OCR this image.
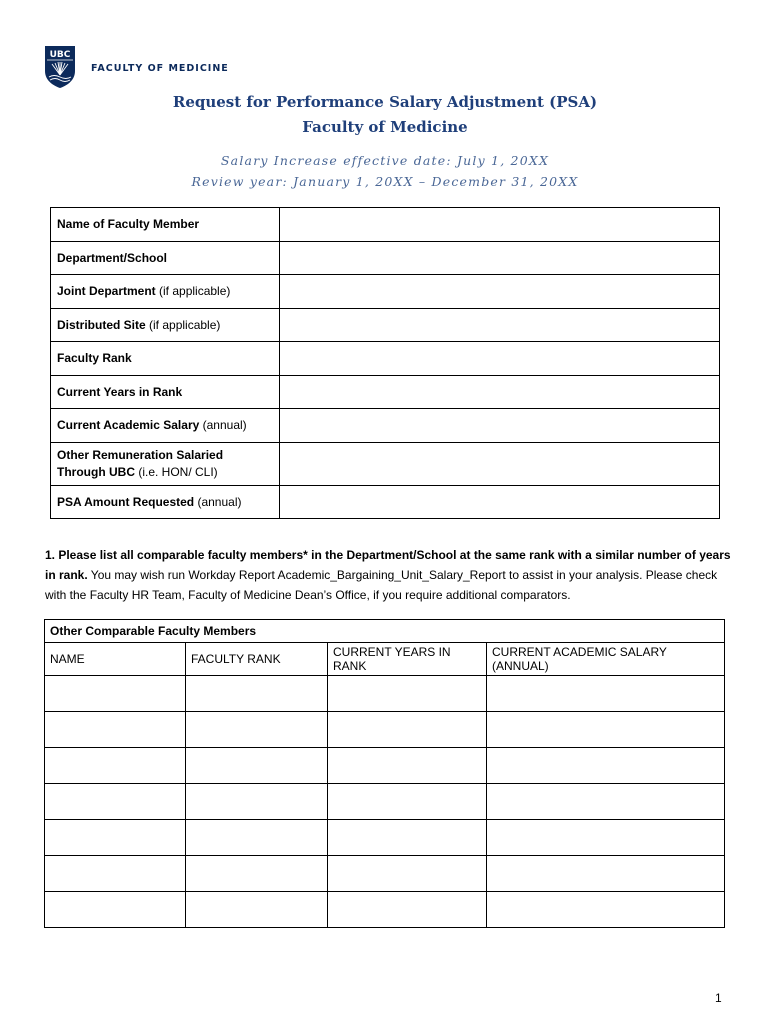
UBC
FACULTY OF MEDICINE
Request for Performance Salary Adjustment (PSA)
Faculty of Medicine
Salary Increase effective date: July 1, 20XX
Review year: January 1, 20XX – December 31, 20XX
Name of Faculty Member	
Department/School	
Joint Department (if applicable)	
Distributed Site (if applicable)	
Faculty Rank	
Current Years in Rank	
Current Academic Salary (annual)	
Other Remuneration Salaried Through UBC (i.e. HON/ CLI)	
PSA Amount Requested (annual)	
1. Please list all comparable faculty members* in the Department/School at the same rank with a similar number of years in rank. You may wish run Workday Report Academic_Bargaining_Unit_Salary_Report to assist in your analysis. Please check with the Faculty HR Team, Faculty of Medicine Dean’s Office, if you require additional comparators.
Other Comparable Faculty Members			
NAME	FACULTY RANK	CURRENT YEARS IN RANK	CURRENT ACADEMIC SALARY (ANNUAL)

1
